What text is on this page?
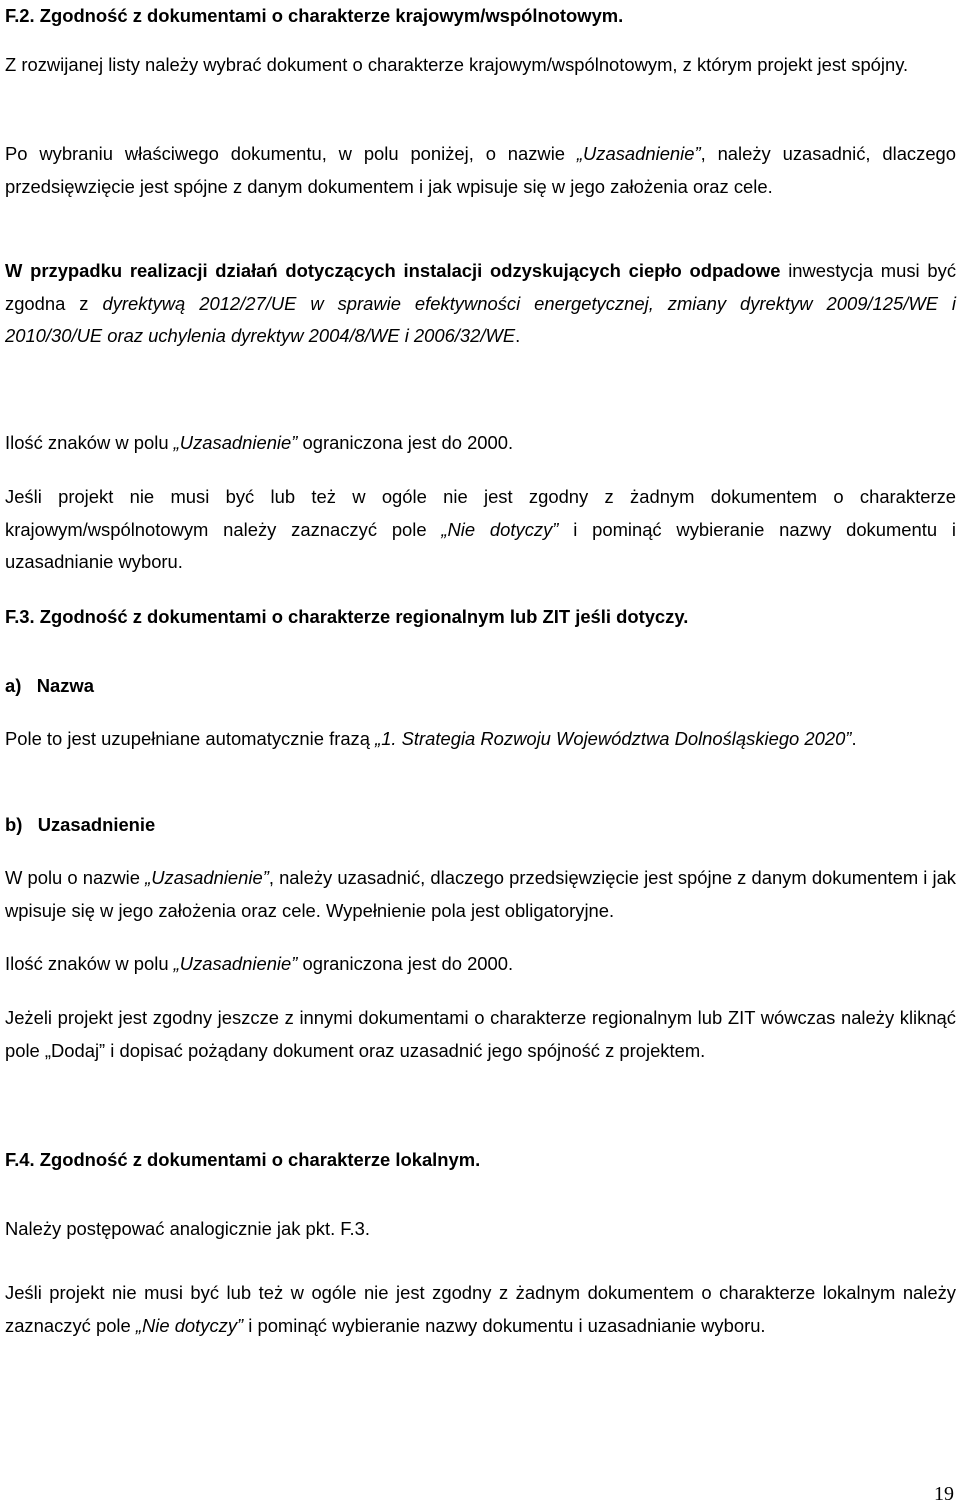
F.2. Zgodność z dokumentami o charakterze krajowym/wspólnotowym.

Z rozwijanej listy należy wybrać dokument o charakterze krajowym/wspólnotowym, z którym projekt jest spójny.

Po wybraniu właściwego dokumentu, w polu poniżej, o nazwie „Uzasadnienie”, należy uzasadnić, dlaczego przedsięwzięcie jest spójne z danym dokumentem i jak wpisuje się w jego założenia oraz cele.

W przypadku realizacji działań dotyczących instalacji odzyskujących ciepło odpadowe inwestycja musi być zgodna z dyrektywą 2012/27/UE w sprawie efektywności energetycznej, zmiany dyrektyw 2009/125/WE i 2010/30/UE oraz uchylenia dyrektyw 2004/8/WE i 2006/32/WE.

Ilość znaków w polu „Uzasadnienie” ograniczona jest do 2000.

Jeśli projekt nie musi być lub też w ogóle nie jest zgodny z żadnym dokumentem o charakterze krajowym/wspólnotowym należy zaznaczyć pole „Nie dotyczy” i pominąć wybieranie nazwy dokumentu i uzasadnianie wyboru.

F.3. Zgodność z dokumentami o charakterze regionalnym lub ZIT jeśli dotyczy.

a) Nazwa

Pole to jest uzupełniane automatycznie frazą „1. Strategia Rozwoju Województwa Dolnośląskiego 2020”.

b) Uzasadnienie

W polu o nazwie „Uzasadnienie”, należy uzasadnić, dlaczego przedsięwzięcie jest spójne z danym dokumentem i jak wpisuje się w jego założenia oraz cele. Wypełnienie pola jest obligatoryjne.

Ilość znaków w polu „Uzasadnienie” ograniczona jest do 2000.

Jeżeli projekt jest zgodny jeszcze z innymi dokumentami o charakterze regionalnym lub ZIT wówczas należy kliknąć pole „Dodaj” i dopisać pożądany dokument oraz uzasadnić jego spójność z projektem.

F.4. Zgodność z dokumentami o charakterze lokalnym.

Należy postępować analogicznie jak pkt. F.3.

Jeśli projekt nie musi być lub też w ogóle nie jest zgodny z żadnym dokumentem o charakterze lokalnym należy zaznaczyć pole „Nie dotyczy” i pominąć wybieranie nazwy dokumentu i uzasadnianie wyboru.

19
